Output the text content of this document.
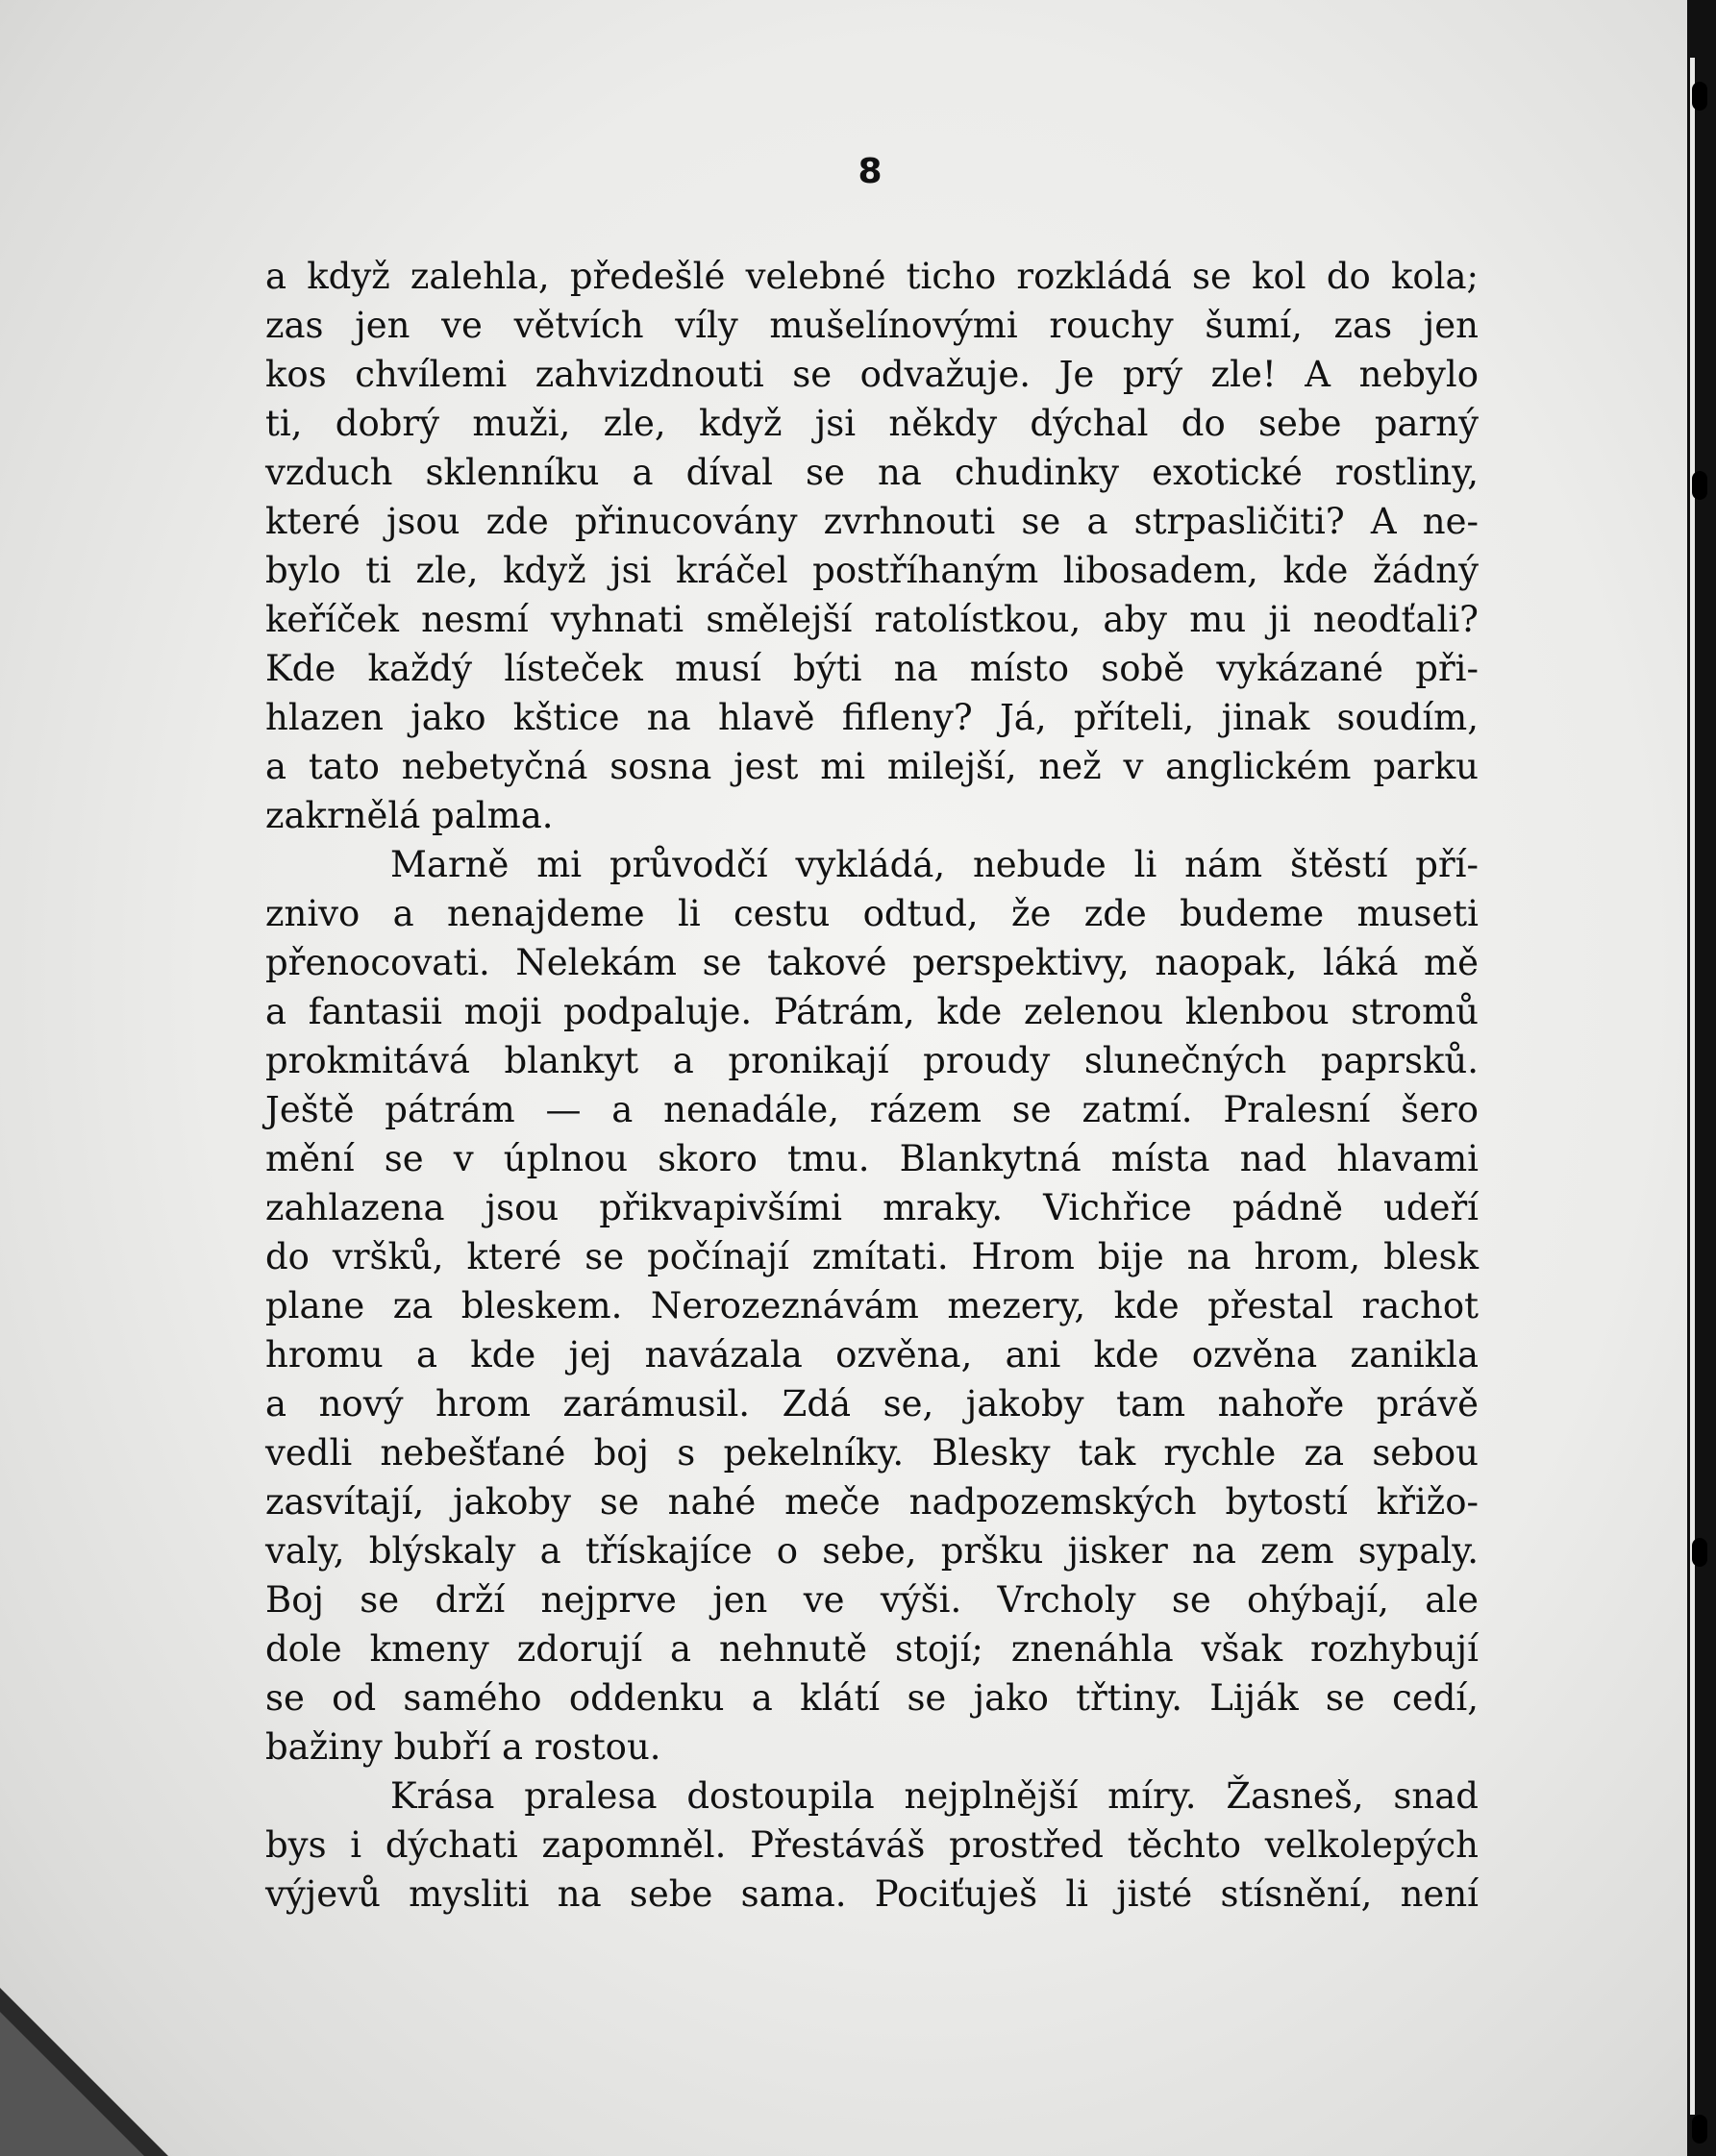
8
a když zalehla, předešlé velebné ticho rozkládá se kol do kola;
zas jen ve větvích víly mušelínovými rouchy šumí, zas jen
kos chvílemi zahvizdnouti se odvažuje. Je prý zle! A nebylo
ti, dobrý muži, zle, když jsi někdy dýchal do sebe parný
vzduch sklenníku a díval se na chudinky exotické rostliny,
které jsou zde přinucovány zvrhnouti se a strpasličiti? A ne-
bylo ti zle, když jsi kráčel postříhaným libosadem, kde žádný
keříček nesmí vyhnati smělejší ratolístkou, aby mu ji neodťali?
Kde každý lísteček musí býti na místo sobě vykázané při-
hlazen jako kštice na hlavě fifleny? Já, příteli, jinak soudím,
a tato nebetyčná sosna jest mi milejší, než v anglickém parku
zakrnělá palma.
Marně mi průvodčí vykládá, nebude li nám štěstí pří-
znivo a nenajdeme li cestu odtud, že zde budeme museti
přenocovati. Nelekám se takové perspektivy, naopak, láká mě
a fantasii moji podpaluje. Pátrám, kde zelenou klenbou stromů
prokmitává blankyt a pronikají proudy slunečných paprsků.
Ještě pátrám — a nenadále, rázem se zatmí. Pralesní šero
mění se v úplnou skoro tmu. Blankytná místa nad hlavami
zahlazena jsou přikvapivšími mraky. Vichřice pádně udeří
do vršků, které se počínají zmítati. Hrom bije na hrom, blesk
plane za bleskem. Nerozeznávám mezery, kde přestal rachot
hromu a kde jej navázala ozvěna, ani kde ozvěna zanikla
a nový hrom zarámusil. Zdá se, jakoby tam nahoře právě
vedli nebešťané boj s pekelníky. Blesky tak rychle za sebou
zasvítají, jakoby se nahé meče nadpozemských bytostí křižo-
valy, blýskaly a třískajíce o sebe, pršku jisker na zem sypaly.
Boj se drží nejprve jen ve výši. Vrcholy se ohýbají, ale
dole kmeny zdorují a nehnutě stojí; znenáhla však rozhybují
se od samého oddenku a klátí se jako třtiny. Liják se cedí,
bažiny bubří a rostou.
Krása pralesa dostoupila nejplnější míry. Žasneš, snad
bys i dýchati zapomněl. Přestáváš prostřed těchto velkolepých
výjevů mysliti na sebe sama. Pociťuješ li jisté stísnění, není
